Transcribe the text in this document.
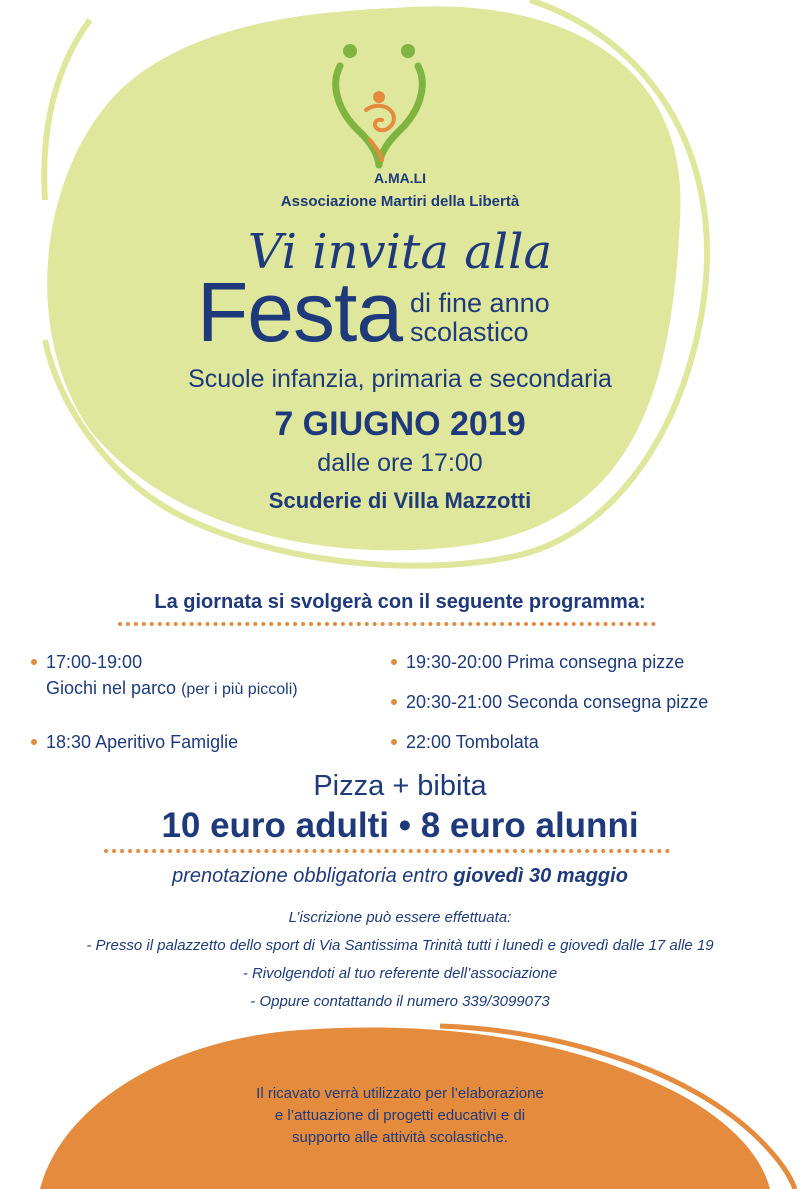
A.MA.LI
Associazione Martiri della Libertà
Vi invita alla
Festa di fine anno
scolastico
Scuole infanzia, primaria e secondaria
7 GIUGNO 2019
dalle ore 17:00
Scuderie di Villa Mazzotti
La giornata si svolgerà con il seguente programma:
17:00-19:00
Giochi nel parco (per i più piccoli)
18:30 Aperitivo Famiglie
19:30-20:00 Prima consegna pizze
20:30-21:00 Seconda consegna pizze
22:00 Tombolata
Pizza + bibita
10 euro adulti • 8 euro alunni
prenotazione obbligatoria entro giovedì 30 maggio
L’iscrizione può essere effettuata:
- Presso il palazzetto dello sport di Via Santissima Trinità tutti i lunedì e giovedì dalle 17 alle 19
- Rivolgendoti al tuo referente dell’associazione
- Oppure contattando il numero 339/3099073
Il ricavato verrà utilizzato per l’elaborazione
e l’attuazione di progetti educativi e di
supporto alle attività scolastiche.
